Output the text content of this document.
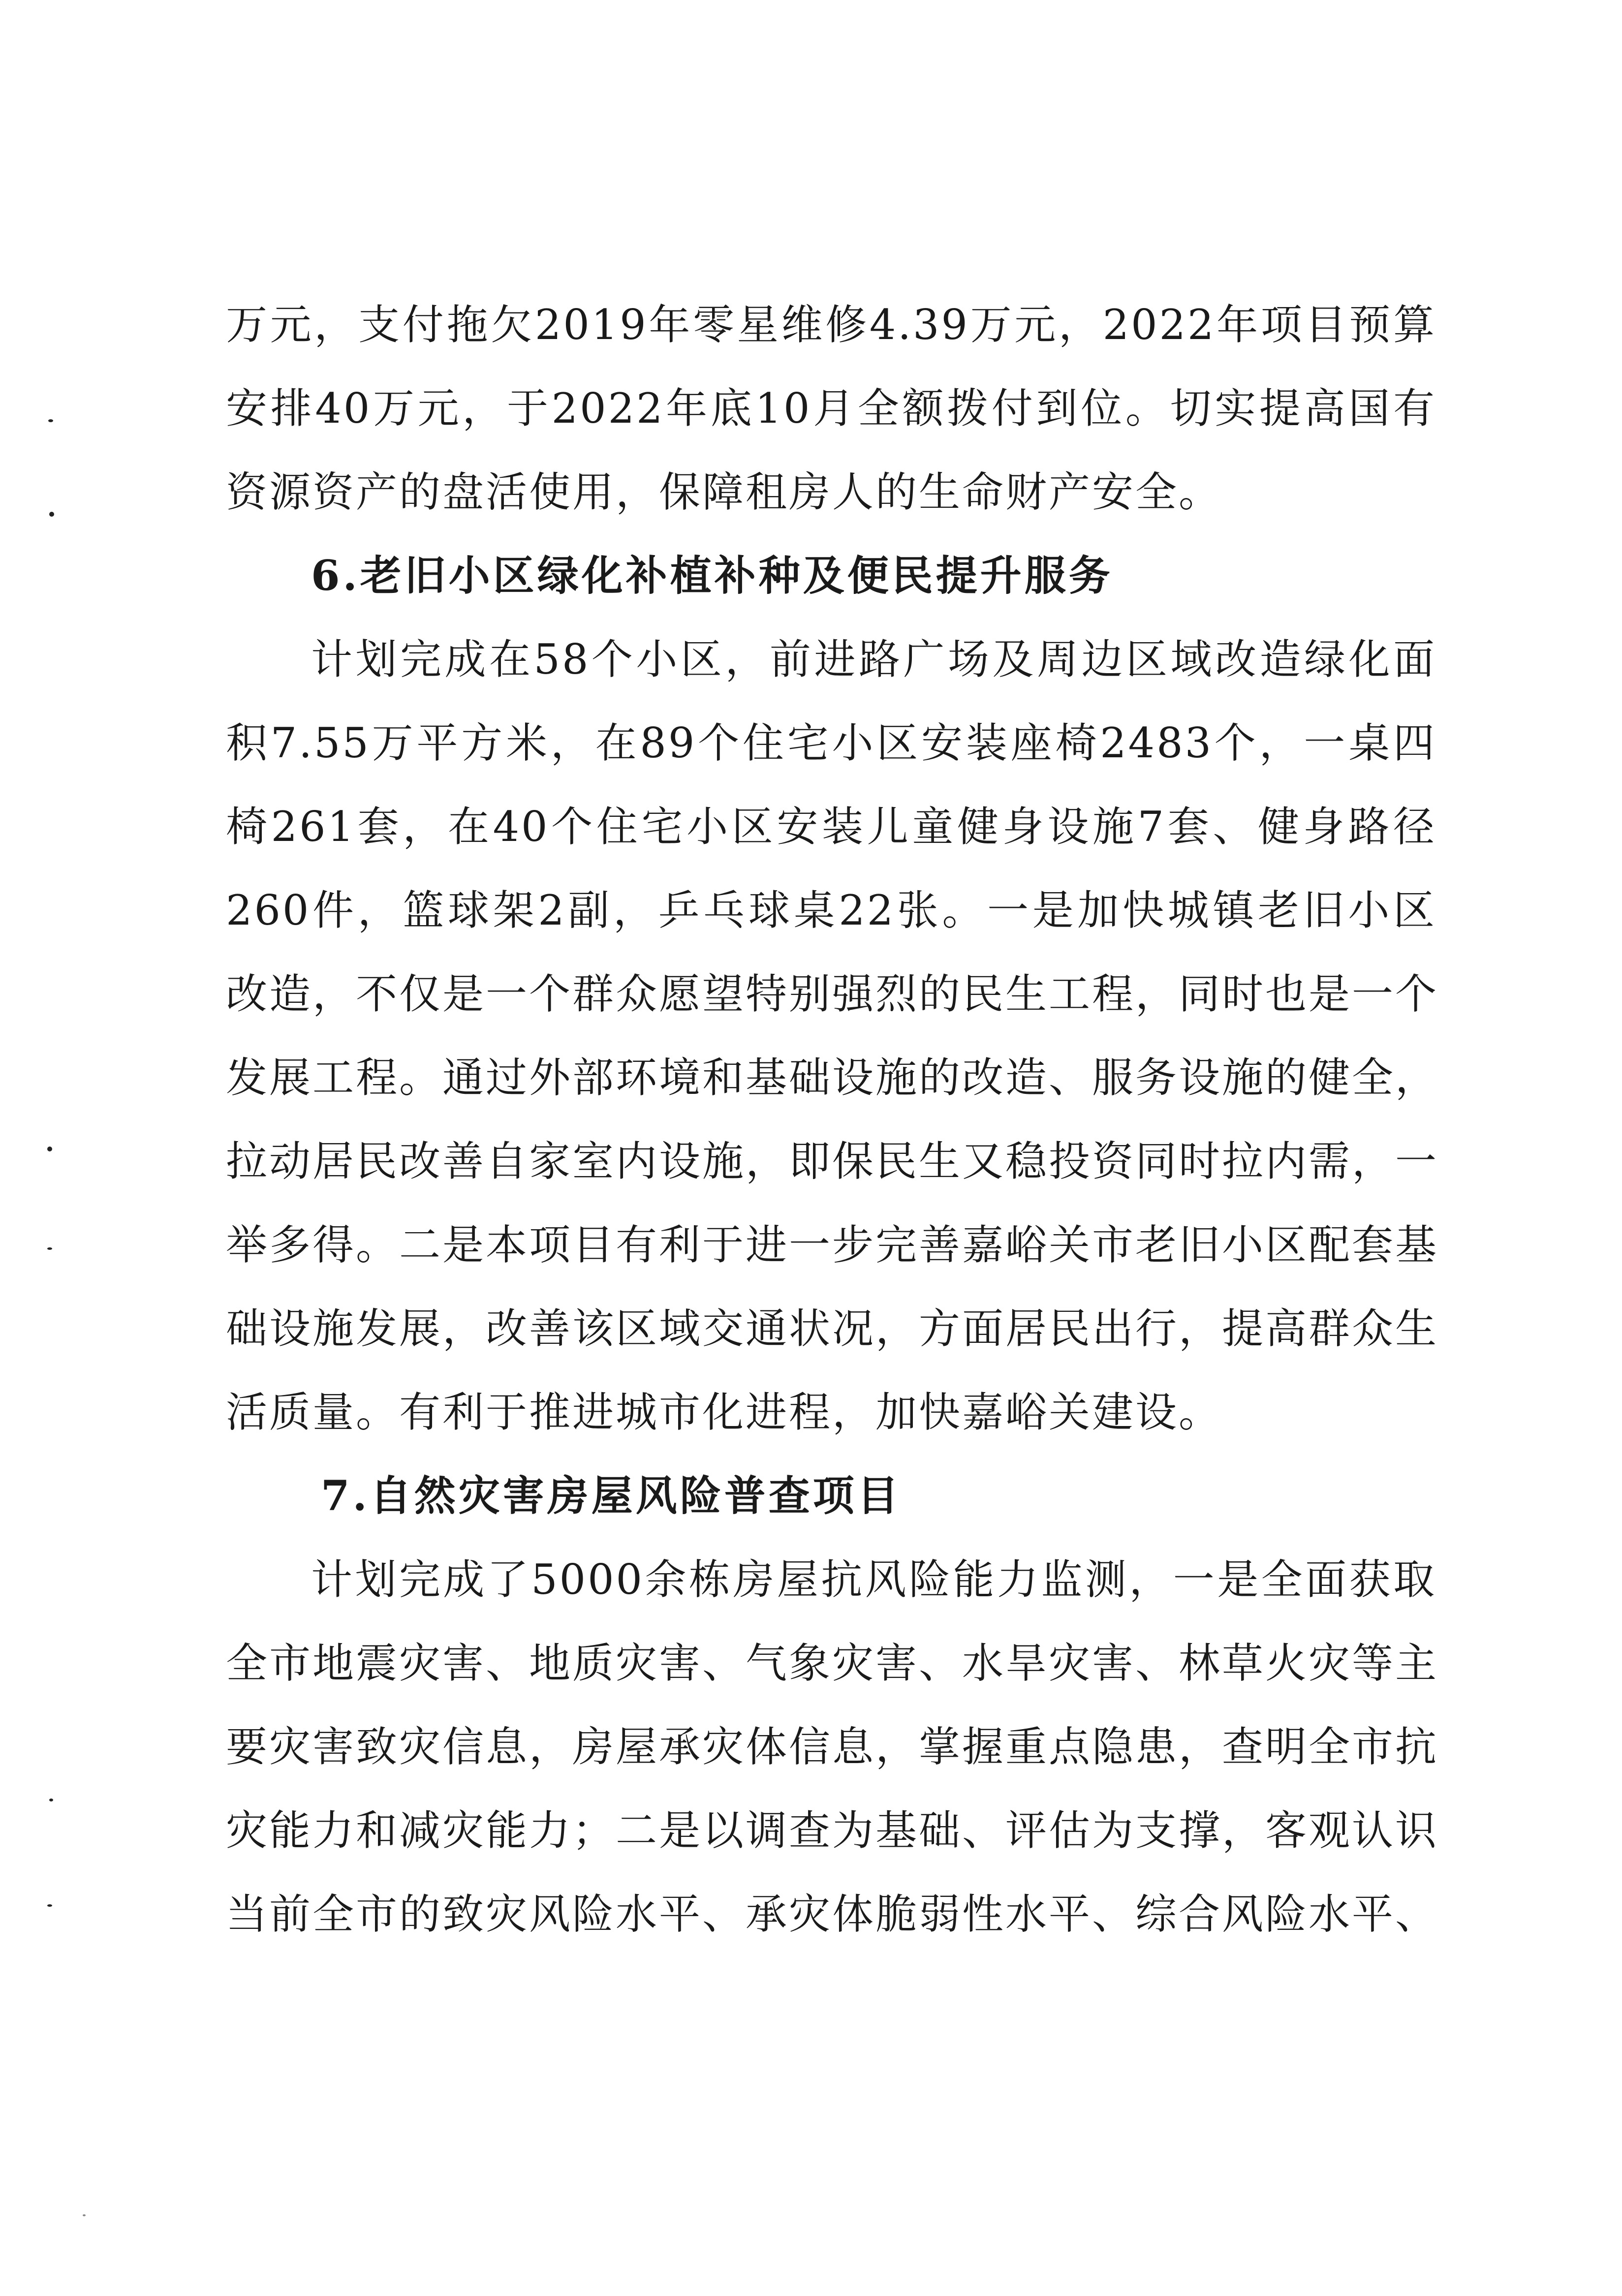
万元，支付拖欠2019年零星维修4.39万元，2022年项目预算
安排40万元，于2022年底10月全额拨付到位。切实提高国有
资源资产的盘活使用，保障租房人的生命财产安全。
6.老旧小区绿化补植补种及便民提升服务
计划完成在58个小区，前进路广场及周边区域改造绿化面
积7.55万平方米，在89个住宅小区安装座椅2483个，一桌四
椅261套，在40个住宅小区安装儿童健身设施7套、健身路径
260件，篮球架2副，乒乓球桌22张。一是加快城镇老旧小区
改造，不仅是一个群众愿望特别强烈的民生工程，同时也是一个
发展工程。通过外部环境和基础设施的改造、服务设施的健全，
拉动居民改善自家室内设施，即保民生又稳投资同时拉内需，一
举多得。二是本项目有利于进一步完善嘉峪关市老旧小区配套基
础设施发展，改善该区域交通状况，方面居民出行，提高群众生
活质量。有利于推进城市化进程，加快嘉峪关建设。
7.自然灾害房屋风险普查项目
计划完成了5000余栋房屋抗风险能力监测，一是全面获取
全市地震灾害、地质灾害、气象灾害、水旱灾害、林草火灾等主
要灾害致灾信息，房屋承灾体信息，掌握重点隐患，查明全市抗
灾能力和减灾能力；二是以调查为基础、评估为支撑，客观认识
当前全市的致灾风险水平、承灾体脆弱性水平、综合风险水平、
